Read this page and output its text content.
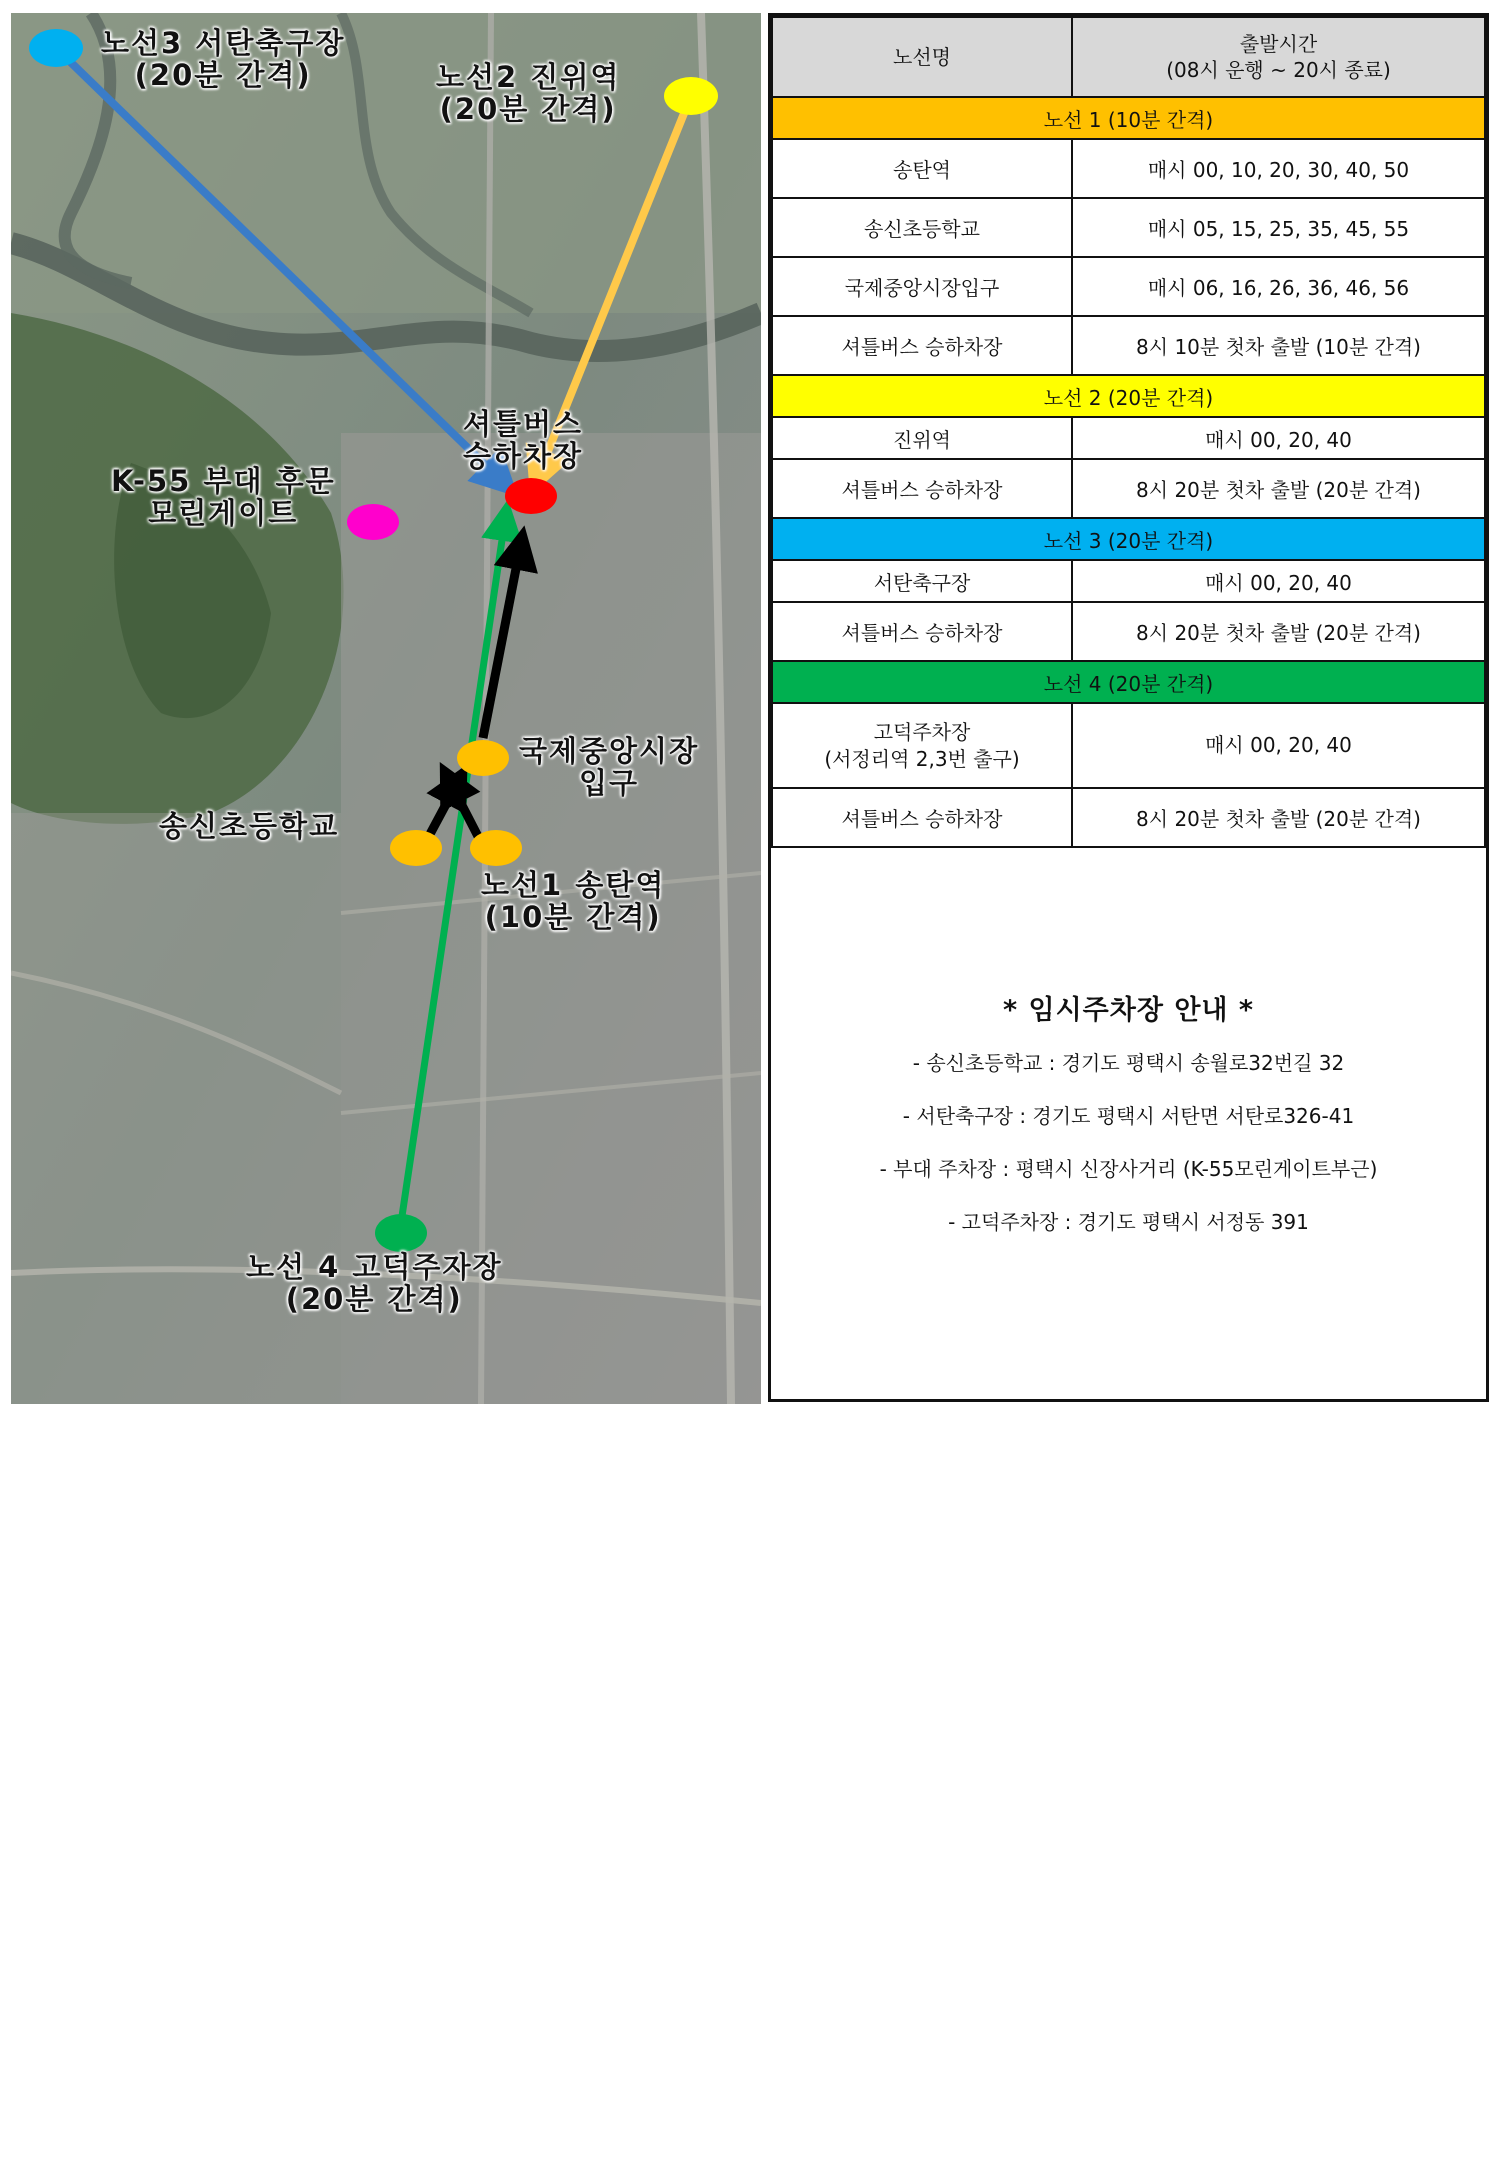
노선3 서탄축구장
(20분 간격)	노선2 진위역
(20분 간격)
셔틀버스
승하차장
K-55 부대 후문
모린게이트
국제중앙시장
입구
송신초등학교
노선1 송탄역
(10분 간격)
노선 4 고덕주자장
(20분 간격)
노선명	출발시간
(08시 운행 ~ 20시 종료)

노선 1 (10분 간격)	
송탄역	매시 00, 10, 20, 30, 40, 50
송신초등학교	매시 05, 15, 25, 35, 45, 55
국제중앙시장입구	매시 06, 16, 26, 36, 46, 56
셔틀버스 승하차장	8시 10분 첫차 출발 (10분 간격)
노선 2 (20분 간격)	
진위역	매시 00, 20, 40
셔틀버스 승하차장	8시 20분 첫차 출발 (20분 간격)
노선 3 (20분 간격)	
서탄축구장	매시 00, 20, 40
셔틀버스 승하차장	8시 20분 첫차 출발 (20분 간격)
노선 4 (20분 간격)	

고덕주차장
(서정리역 2,3번 출구)	매시 00, 20, 40
셔틀버스 승하차장	8시 20분 첫차 출발 (20분 간격)
* 임시주차장 안내 *
- 송신초등학교 : 경기도 평택시 송월로32번길 32
- 서탄축구장 : 경기도 평택시 서탄면 서탄로326-41
- 부대 주차장 : 평택시 신장사거리 (K-55모린게이트부근)
- 고덕주차장 : 경기도 평택시 서정동 391
